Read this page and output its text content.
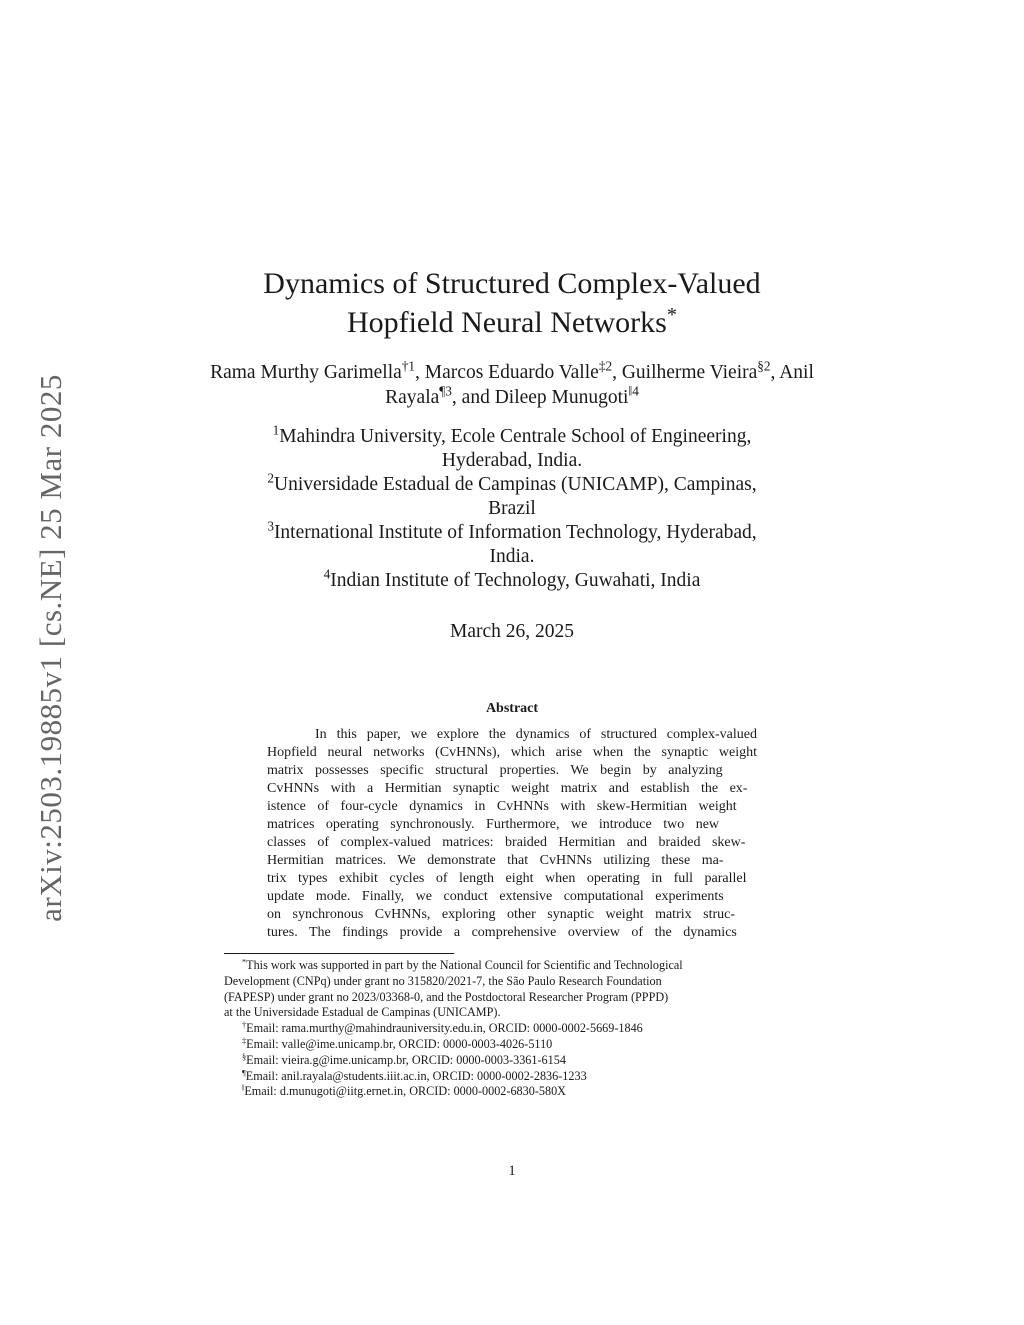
arXiv:2503.19885v1 [cs.NE] 25 Mar 2025
Dynamics of Structured Complex-Valued
Hopfield Neural Networks*
Rama Murthy Garimella$^{\dagger 1}$, Marcos Eduardo Valle$^{\ddagger 2}$, Guilherme Vieira$^{\S 2}$, Anil Rayala$^{\P 3}$, and Dileep Munugoti$^{‖4}$
$^1$Mahindra University, Ecole Centrale School of Engineering,
Hyderabad, India.
$^2$Universidade Estadual de Campinas (UNICAMP), Campinas,
Brazil
$^3$International Institute of Information Technology, Hyderabad,
India.
$^4$Indian Institute of Technology, Guwahati, India
March 26, 2025
Abstract
In this paper, we explore the dynamics of structured complex-valued
Hopfield neural networks (CvHNNs), which arise when the synaptic weight
matrix possesses specific structural properties. We begin by analyzing
CvHNNs with a Hermitian synaptic weight matrix and establish the ex-
istence of four-cycle dynamics in CvHNNs with skew-Hermitian weight
matrices operating synchronously. Furthermore, we introduce two new
classes of complex-valued matrices: braided Hermitian and braided skew-
Hermitian matrices. We demonstrate that CvHNNs utilizing these ma-
trix types exhibit cycles of length eight when operating in full parallel
update mode. Finally, we conduct extensive computational experiments
on synchronous CvHNNs, exploring other synaptic weight matrix struc-
tures. The findings provide a comprehensive overview of the dynamics
*This work was supported in part by the National Council for Scientific and Technological
Development (CNPq) under grant no 315820/2021-7, the São Paulo Research Foundation
(FAPESP) under grant no 2023/03368-0, and the Postdoctoral Researcher Program (PPPD)
at the Universidade Estadual de Campinas (UNICAMP).
†Email: rama.murthy@mahindrauniversity.edu.in, ORCID: 0000-0002-5669-1846
‡Email: valle@ime.unicamp.br, ORCID: 0000-0003-4026-5110
§Email: vieira.g@ime.unicamp.br, ORCID: 0000-0003-3361-6154
¶Email: anil.rayala@students.iiit.ac.in, ORCID: 0000-0002-2836-1233
‖Email: d.munugoti@iitg.ernet.in, ORCID: 0000-0002-6830-580X
1
